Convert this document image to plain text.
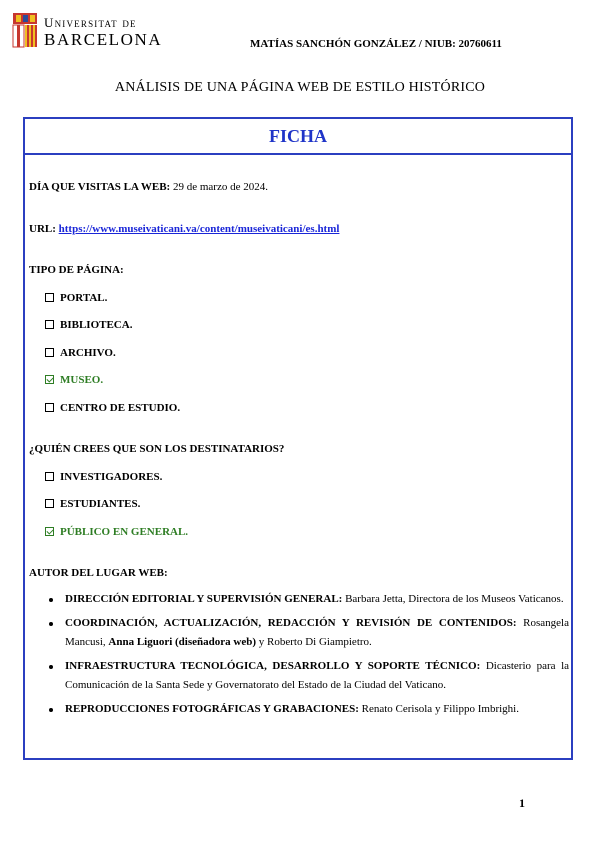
Universitat de
BARCELONA	MATÍAS SANCHÓN GONZÁLEZ / NIUB: 20760611
ANÁLISIS DE UNA PÁGINA WEB DE ESTILO HISTÓRICO
FICHA
DÍA QUE VISITAS LA WEB: 29 de marzo de 2024.
URL: https://www.museivaticani.va/content/museivaticani/es.html
TIPO DE PÁGINA:
PORTAL.
BIBLIOTECA.
ARCHIVO.
MUSEO.
CENTRO DE ESTUDIO.
¿QUIÉN CREES QUE SON LOS DESTINATARIOS?
INVESTIGADORES.
ESTUDIANTES.
PÚBLICO EN GENERAL.
AUTOR DEL LUGAR WEB:
DIRECCIÓN EDITORIAL Y SUPERVISIÓN GENERAL: Barbara Jetta, Directora de los Museos Vaticanos.
COORDINACIÓN, ACTUALIZACIÓN, REDACCIÓN Y REVISIÓN DE CONTENIDOS: Rosangela Mancusi, Anna Liguori (diseñadora web) y Roberto Di Giampietro.
INFRAESTRUCTURA TECNOLÓGICA, DESARROLLO Y SOPORTE TÉCNICO: Dicasterio para la Comunicación de la Santa Sede y Governatorato del Estado de la Ciudad del Vaticano.
REPRODUCCIONES FOTOGRÁFICAS Y GRABACIONES: Renato Cerisola y Filippo Imbrighi.
1
